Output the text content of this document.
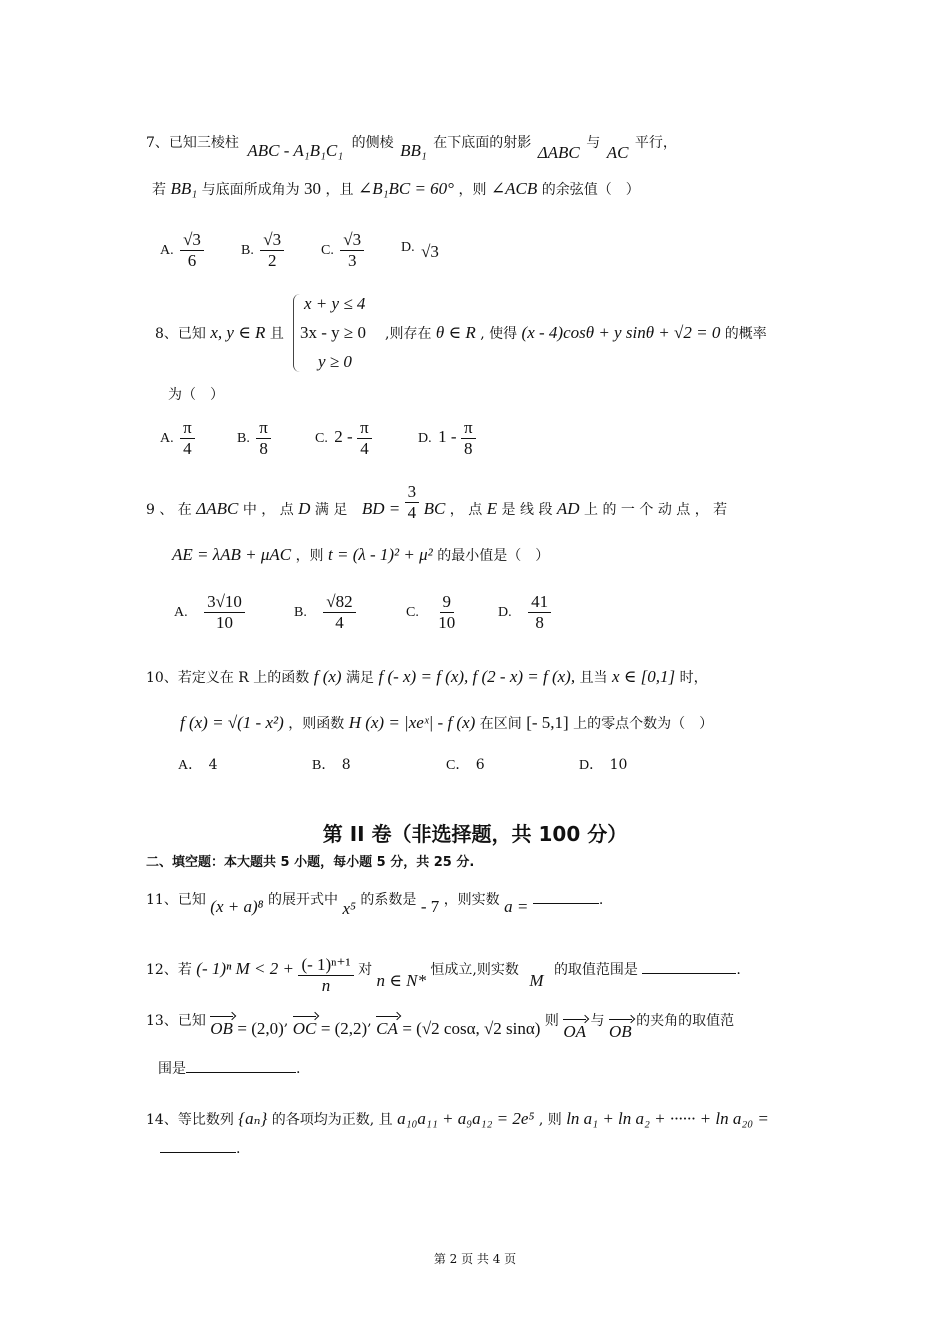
7、已知三棱柱 ABC - A₁B₁C₁ 的侧棱 BB₁ 在下底面的射影 ΔABC 与 AC 平行，
若 BB₁ 与底面所成角为 30 ，且 ∠B₁BC = 60° ，则 ∠ACB 的余弦值（　）
A. $\frac{√3}{6}$	B. $\frac{√3}{2}$	C. $\frac{√3}{3}$	D. √3
8、已知 x, y ∈ R 且
x + y ≤ 4
3x - y ≥ 0
y ≥ 0
,则存在 θ ∈ R , 使得 (x - 4)cosθ + y sinθ + √2 = 0 的概率
为（　）
A. $\frac{\pi}{4}$	B. $\frac{\pi}{8}$	C. $2 - \frac{\pi}{4}$	D. $1 - \frac{\pi}{8}$
9 、 在 ΔABC 中 ， 点 D 满 足 BD = $\frac{3}{4}$ BC ， 点 E 是 线 段 AD 上 的 一 个 动 点 ， 若
AE = λAB + μAC ，则 t = (λ - 1)² + μ² 的最小值是（　）
A. $\frac{3√10}{10}$	B. $\frac{√82}{4}$	C. $\frac{9}{10}$	D. $\frac{41}{8}$
10、若定义在 R 上的函数 f (x) 满足 f (- x) = f (x), f (2 - x) = f (x), 且当 x ∈ [0,1] 时，
f (x) = √(1 - x²) ，则函数 H (x) = |xeˣ| - f (x) 在区间 [- 5,1] 上的零点个数为（　）
A． 4	B． 8	C． 6	D． 10
第 II 卷（非选择题，共 100 分）
二、填空题：本大题共 5 小题，每小题 5 分，共 25 分.
11、已知 (x + a)⁸ 的展开式中 x⁵ 的系数是 - 7 ，则实数 a =	.
12、若 (- 1)ⁿ $M < 2 + \frac{\text{(- 1)ⁿ⁺¹}}{n}$ 对 n ∈ N* 恒成立,则实数 M 的取值范围是	.
13、已知 OB = (2,0), OC = (2,2), CA = (√2 cosα, √2 sinα) 则 OA 与 OB 的夹角的取值范
围是	.
14、等比数列 {aₙ} 的各项均为正数, 且 a₁₀a₁₁ + a₉a₁₂ = 2e⁵ , 则 ln a₁ + ln a₂ + ······ + ln a₂₀ =
.
第 2 页 共 4 页
